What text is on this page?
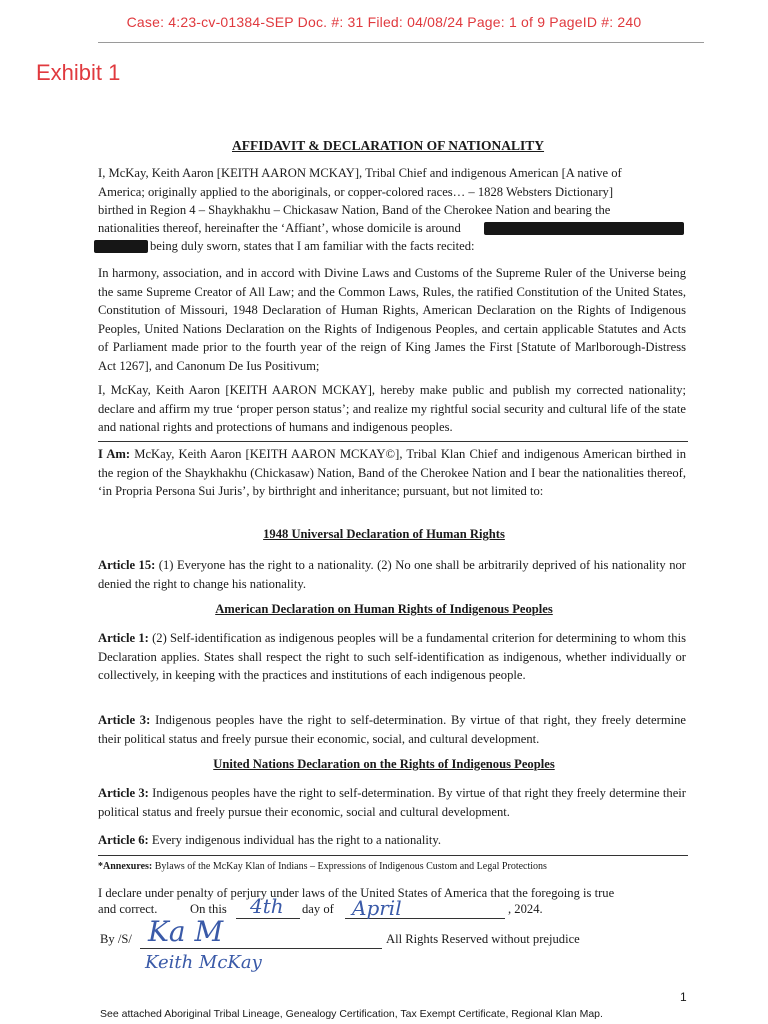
Case: 4:23-cv-01384-SEP Doc. #: 31 Filed: 04/08/24 Page: 1 of 9 PageID #: 240
Exhibit 1
AFFIDAVIT & DECLARATION OF NATIONALITY
I, McKay, Keith Aaron [KEITH AARON MCKAY], Tribal Chief and indigenous American [A native of
America; originally applied to the aboriginals, or copper-colored races… – 1828 Websters Dictionary]
birthed in Region 4 – Shaykhakhu – Chickasaw Nation, Band of the Cherokee Nation and bearing the
nationalities thereof, hereinafter the ‘Affiant’, whose domicile is around
being duly sworn, states that I am familiar with the facts recited:
In harmony, association, and in accord with Divine Laws and Customs of the Supreme Ruler of the Universe being the same Supreme Creator of All Law; and the Common Laws, Rules, the ratified Constitution of the United States, Constitution of Missouri, 1948 Declaration of Human Rights, American Declaration on the Rights of Indigenous Peoples, United Nations Declaration on the Rights of Indigenous Peoples, and certain applicable Statutes and Acts of Parliament made prior to the fourth year of the reign of King James the First [Statute of Marlborough-Distress Act 1267], and Canonum De Ius Positivum;
I, McKay, Keith Aaron [KEITH AARON MCKAY], hereby make public and publish my corrected nationality; declare and affirm my true ‘proper person status’; and realize my rightful social security and cultural life of the state and national rights and protections of humans and indigenous peoples.
I Am: McKay, Keith Aaron [KEITH AARON MCKAY©], Tribal Klan Chief and indigenous American birthed in the region of the Shaykhakhu (Chickasaw) Nation, Band of the Cherokee Nation and I bear the nationalities thereof, ‘in Propria Persona Sui Juris’, by birthright and inheritance; pursuant, but not limited to:
1948 Universal Declaration of Human Rights
Article 15: (1) Everyone has the right to a nationality. (2) No one shall be arbitrarily deprived of his nationality nor denied the right to change his nationality.
American Declaration on Human Rights of Indigenous Peoples
Article 1: (2) Self-identification as indigenous peoples will be a fundamental criterion for determining to whom this Declaration applies. States shall respect the right to such self-identification as indigenous, whether individually or collectively, in keeping with the practices and institutions of each indigenous people.
Article 3: Indigenous peoples have the right to self-determination. By virtue of that right, they freely determine their political status and freely pursue their economic, social, and cultural development.
United Nations Declaration on the Rights of Indigenous Peoples
Article 3: Indigenous peoples have the right to self-determination. By virtue of that right they freely determine their political status and freely pursue their economic, social and cultural development.
Article 6: Every indigenous individual has the right to a nationality.
*Annexures: Bylaws of the McKay Klan of Indians – Expressions of Indigenous Custom and Legal Protections
I declare under penalty of perjury under laws of the United States of America that the foregoing is true
and correct.	On this 4th day of April	, 2024.
By /S/ Ka M	All Rights Reserved without prejudice
Keith McKay
1
See attached Aboriginal Tribal Lineage, Genealogy Certification, Tax Exempt Certificate, Regional Klan Map.
